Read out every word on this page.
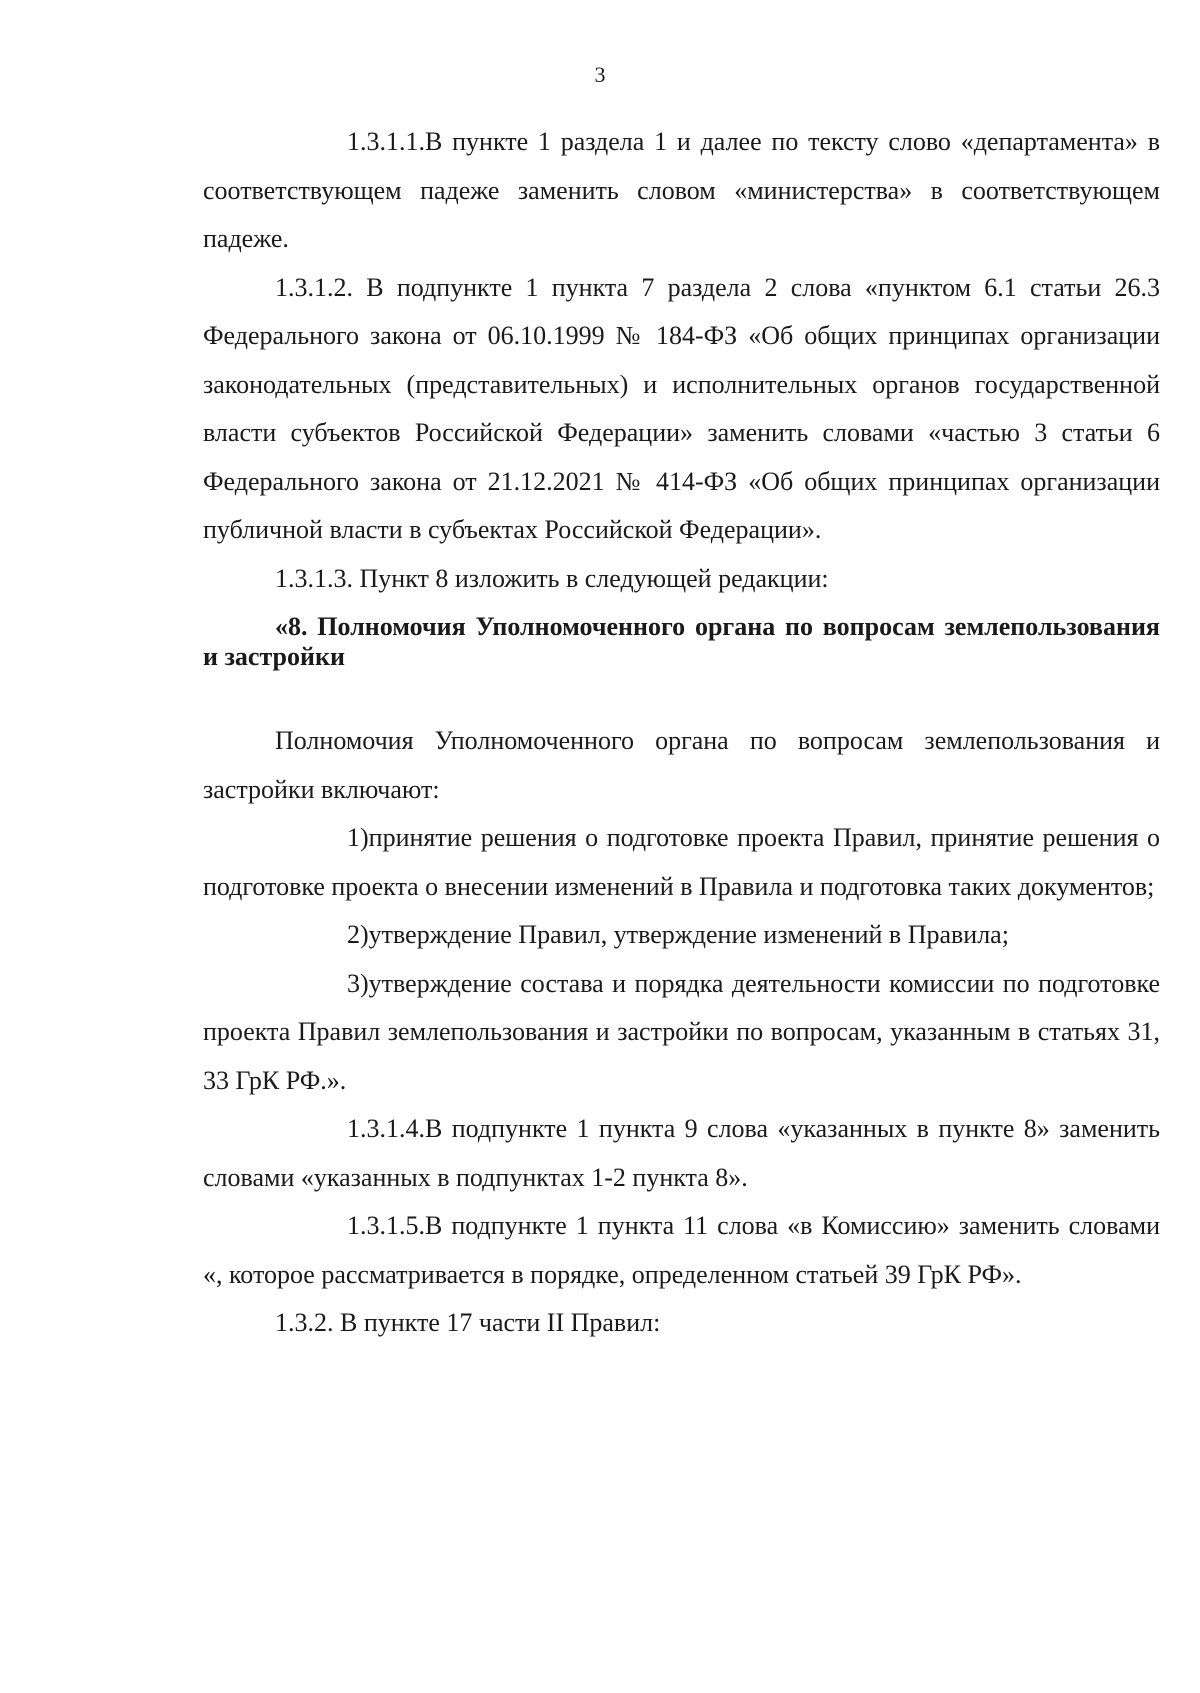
3

1.3.1.1.В пункте 1 раздела 1 и далее по тексту слово «департамента» в соответствующем падеже заменить словом «министерства» в соответствующем падеже.

1.3.1.2. В подпункте 1 пункта 7 раздела 2 слова «пунктом 6.1 статьи 26.3 Федерального закона от 06.10.1999 № 184-ФЗ «Об общих принципах организации законодательных (представительных) и исполнительных органов государственной власти субъектов Российской Федерации» заменить словами «частью 3 статьи 6 Федерального закона от 21.12.2021 № 414-ФЗ «Об общих принципах организации публичной власти в субъектах Российской Федерации».

1.3.1.3. Пункт 8 изложить в следующей редакции:

«8. Полномочия Уполномоченного органа по вопросам землепользования и застройки

Полномочия Уполномоченного органа по вопросам землепользования и застройки включают:

1)принятие решения о подготовке проекта Правил, принятие решения о подготовке проекта о внесении изменений в Правила и подготовка таких документов;

2)утверждение Правил, утверждение изменений в Правила;

3)утверждение состава и порядка деятельности комиссии по подготовке проекта Правил землепользования и застройки по вопросам, указанным в статьях 31, 33 ГрК РФ.».

1.3.1.4.В подпункте 1 пункта 9 слова «указанных в пункте 8» заменить словами «указанных в подпунктах 1-2 пункта 8».

1.3.1.5.В подпункте 1 пункта 11 слова «в Комиссию» заменить словами «, которое рассматривается в порядке, определенном статьей 39 ГрК РФ».

1.3.2. В пункте 17 части II Правил:
